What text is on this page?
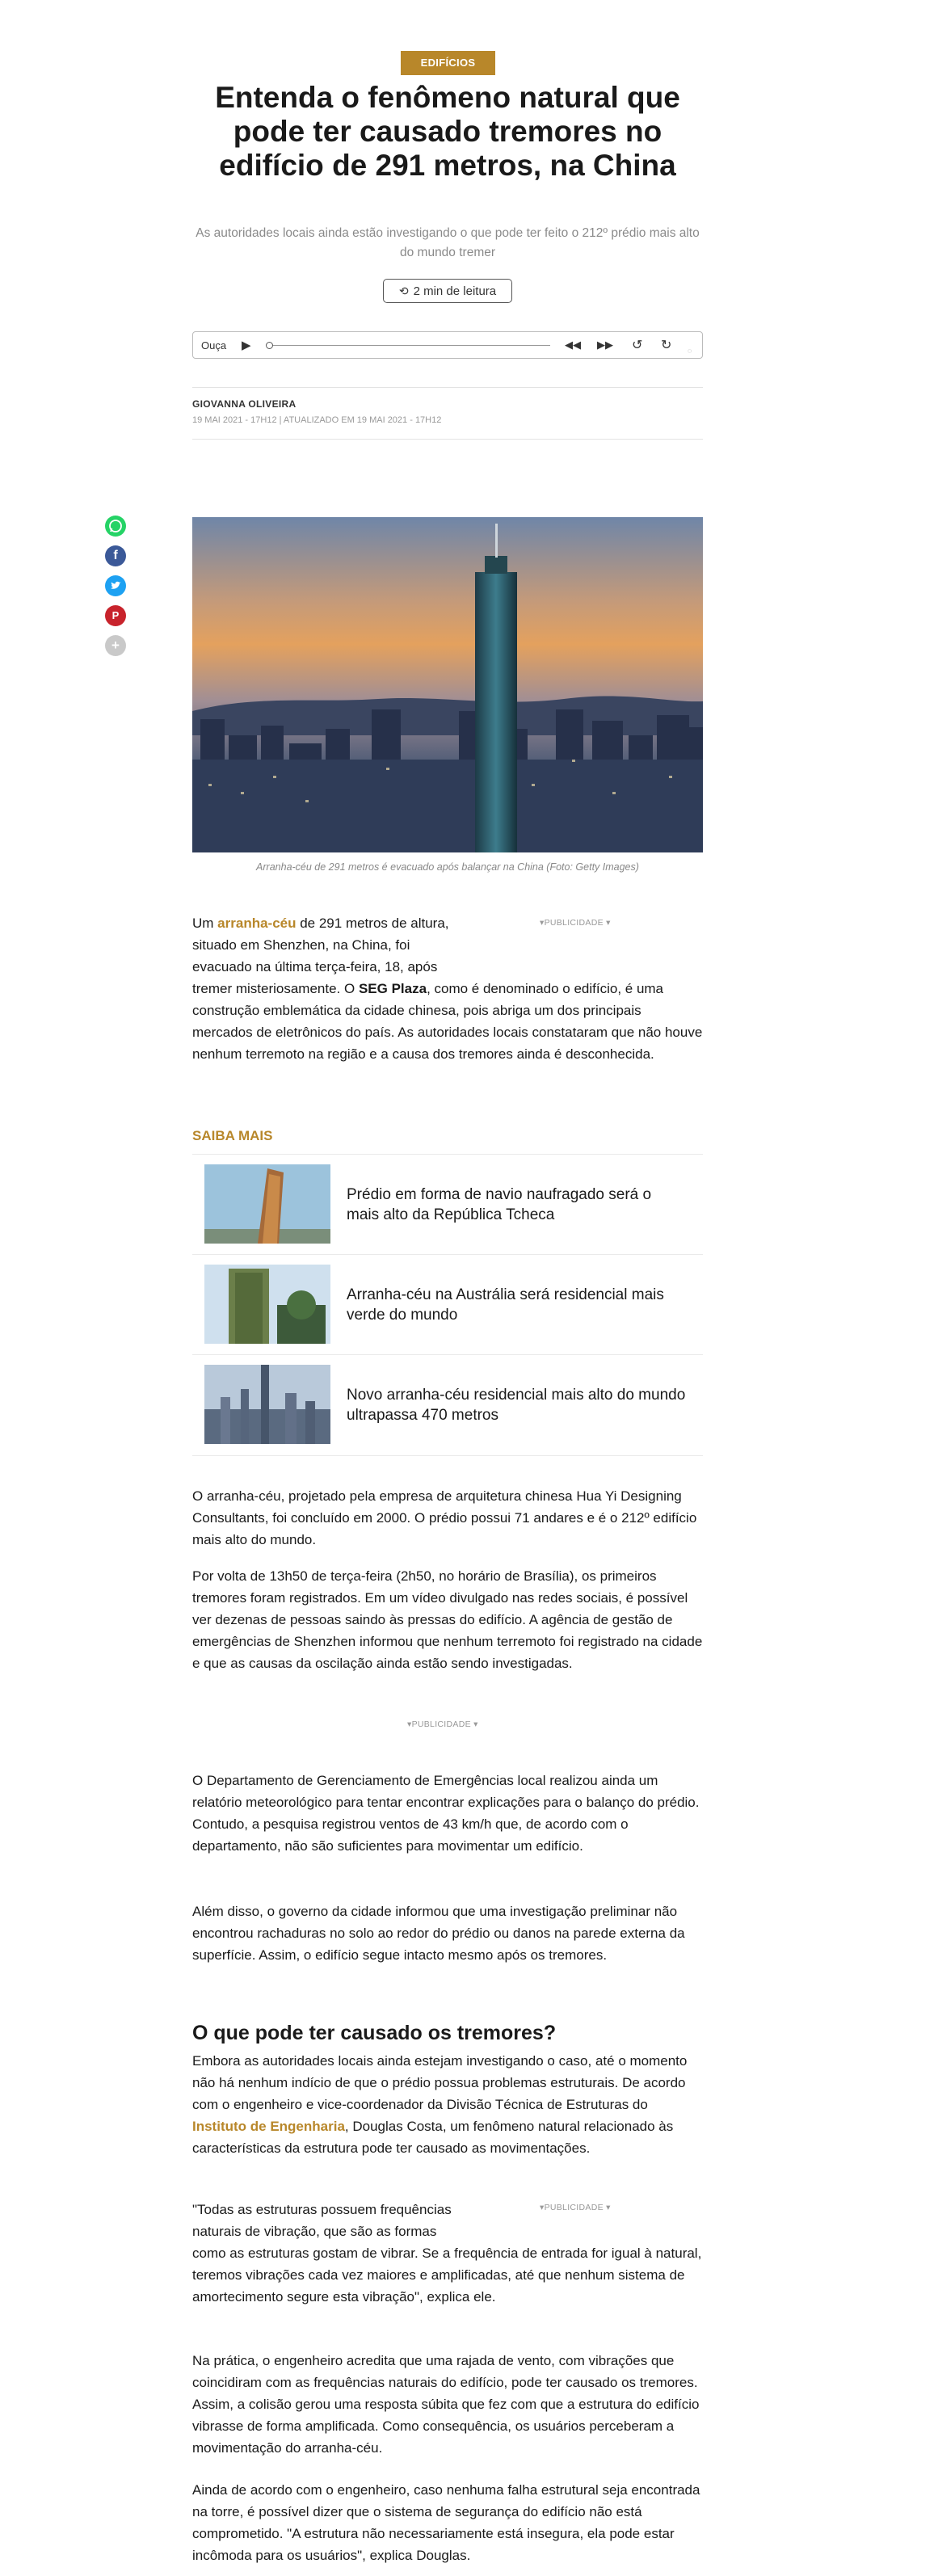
f
P
+
EDIFÍCIOS
Entenda o fenômeno natural que pode ter causado tremores no edifício de 291 metros, na China
As autoridades locais ainda estão investigando o que pode ter feito o 212º prédio mais alto do mundo tremer
⟲ 2 min de leitura
Ouça ▶	◀◀ ▶▶ ↺ ↻ ◌
GIOVANNA OLIVEIRA
19 MAI 2021 - 17H12 | ATUALIZADO EM 19 MAI 2021 - 17H12
Arranha-céu de 291 metros é evacuado após balançar na China (Foto: Getty Images)
▾PUBLICIDADE ▾
Um arranha-céu de 291 metros de altura, situado em Shenzhen, na China, foi evacuado na última terça-feira, 18, após tremer misteriosamente. O SEG Plaza, como é denominado o edifício, é uma construção emblemática da cidade chinesa, pois abriga um dos principais mercados de eletrônicos do país. As autoridades locais constataram que não houve nenhum terremoto na região e a causa dos tremores ainda é desconhecida.
SAIBA MAIS
Prédio em forma de navio naufragado será o mais alto da República Tcheca
Arranha-céu na Austrália será residencial mais verde do mundo
Novo arranha-céu residencial mais alto do mundo ultrapassa 470 metros
O arranha-céu, projetado pela empresa de arquitetura chinesa Hua Yi Designing Consultants, foi concluído em 2000. O prédio possui 71 andares e é o 212º edifício mais alto do mundo.
Por volta de 13h50 de terça-feira (2h50, no horário de Brasília), os primeiros tremores foram registrados. Em um vídeo divulgado nas redes sociais, é possível ver dezenas de pessoas saindo às pressas do edifício. A agência de gestão de emergências de Shenzhen informou que nenhum terremoto foi registrado na cidade e que as causas da oscilação ainda estão sendo investigadas.
▾PUBLICIDADE ▾
O Departamento de Gerenciamento de Emergências local realizou ainda um relatório meteorológico para tentar encontrar explicações para o balanço do prédio. Contudo, a pesquisa registrou ventos de 43 km/h que, de acordo com o departamento, não são suficientes para movimentar um edifício.
Além disso, o governo da cidade informou que uma investigação preliminar não encontrou rachaduras no solo ao redor do prédio ou danos na parede externa da superfície. Assim, o edifício segue intacto mesmo após os tremores.
O que pode ter causado os tremores?
Embora as autoridades locais ainda estejam investigando o caso, até o momento não há nenhum indício de que o prédio possua problemas estruturais. De acordo com o engenheiro e vice-coordenador da Divisão Técnica de Estruturas do Instituto de Engenharia, Douglas Costa, um fenômeno natural relacionado às características da estrutura pode ter causado as movimentações.
▾PUBLICIDADE ▾
"Todas as estruturas possuem frequências naturais de vibração, que são as formas como as estruturas gostam de vibrar. Se a frequência de entrada for igual à natural, teremos vibrações cada vez maiores e amplificadas, até que nenhum sistema de amortecimento segure esta vibração", explica ele.
Na prática, o engenheiro acredita que uma rajada de vento, com vibrações que coincidiram com as frequências naturais do edifício, pode ter causado os tremores. Assim, a colisão gerou uma resposta súbita que fez com que a estrutura do edifício vibrasse de forma amplificada. Como consequência, os usuários perceberam a movimentação do arranha-céu.
Ainda de acordo com o engenheiro, caso nenhuma falha estrutural seja encontrada na torre, é possível dizer que o sistema de segurança do edifício não está comprometido. "A estrutura não necessariamente está insegura, ela pode estar incômoda para os usuários", explica Douglas.
